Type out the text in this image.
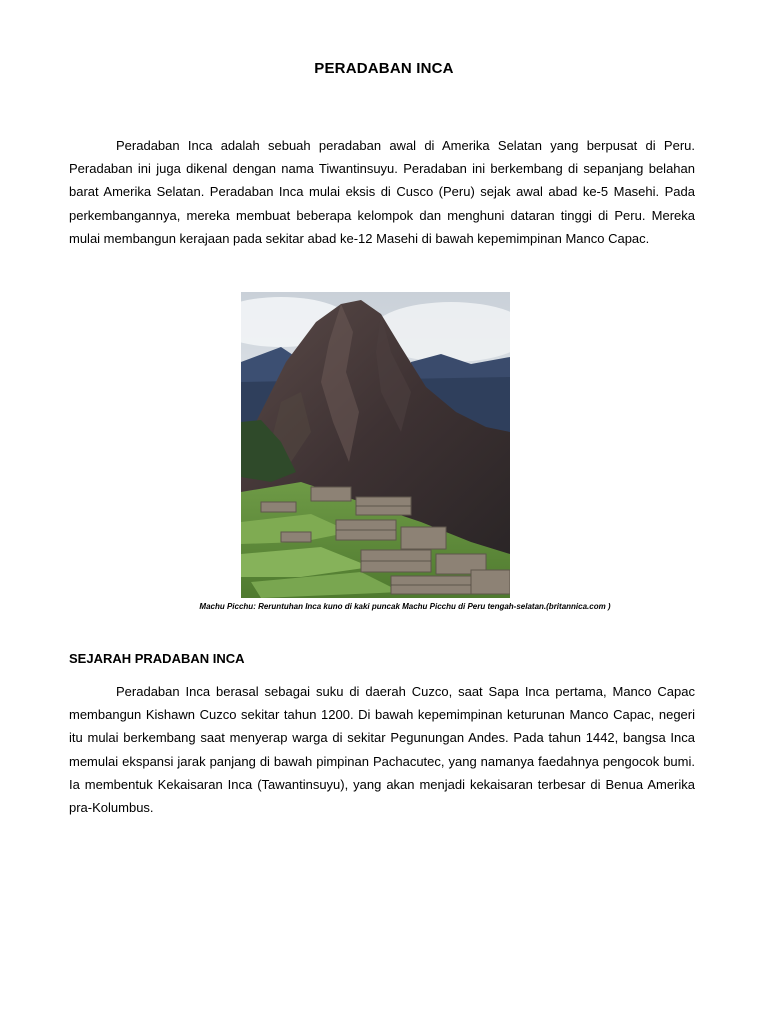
PERADABAN INCA

Peradaban Inca adalah sebuah peradaban awal di Amerika Selatan yang berpusat di Peru. Peradaban ini juga dikenal dengan nama Tiwantinsuyu. Peradaban ini berkembang di sepanjang belahan barat Amerika Selatan. Peradaban Inca mulai eksis di Cusco (Peru) sejak awal abad ke-5 Masehi. Pada perkembangannya, mereka membuat beberapa kelompok dan menghuni dataran tinggi di Peru. Mereka mulai membangun kerajaan pada sekitar abad ke-12 Masehi di bawah kepemimpinan Manco Capac.

Machu Picchu: Reruntuhan Inca kuno di kaki puncak Machu Picchu di Peru tengah-selatan.(britannica.com )
SEJARAH PRADABAN INCA

Peradaban Inca berasal sebagai suku di daerah Cuzco, saat Sapa Inca pertama, Manco Capac membangun Kishawn Cuzco sekitar tahun 1200. Di bawah kepemimpinan keturunan Manco Capac, negeri itu mulai berkembang saat menyerap warga di sekitar Pegunungan Andes. Pada tahun 1442, bangsa Inca memulai ekspansi jarak panjang di bawah pimpinan Pachacutec, yang namanya faedahnya pengocok bumi. Ia membentuk Kekaisaran Inca (Tawantinsuyu), yang akan menjadi kekaisaran terbesar di Benua Amerika pra-Kolumbus.
